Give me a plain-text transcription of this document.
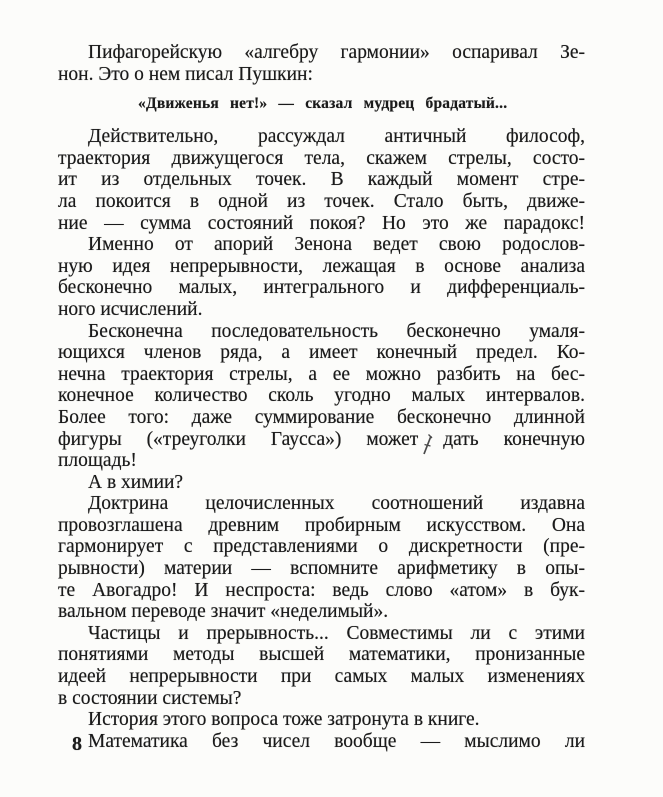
Пифагорейскую «алгебру гармонии» оспаривал Зе-
нон. Это о нем писал Пушкин:

«Движенья нет!» — сказал мудрец брадатый...

Действительно, рассуждал античный философ,
траектория движущегося тела, скажем стрелы, состо-
ит из отдельных точек. В каждый момент стре-
ла покоится в одной из точек. Стало быть, движе-
ние — сумма состояний покоя? Но это же парадокс!

Именно от апорий Зенона ведет свою родослов-
ную идея непрерывности, лежащая в основе анализа
бесконечно малых, интегрального и дифференциаль-
ного исчислений.

Бесконечна последовательность бесконечно умаля-
ющихся членов ряда, а имеет конечный предел. Ко-
нечна траектория стрелы, а ее можно разбить на бес-
конечное количество сколь угодно малых интервалов.
Более того: даже суммирование бесконечно длинной
фигуры («треуголки Гаусса») может дать конечную
площадь!

А в химии?

Доктрина целочисленных соотношений издавна
провозглашена древним пробирным искусством. Она
гармонирует с представлениями о дискретности (пре-
рывности) материи — вспомните арифметику в опы-
те Авогадро! И неспроста: ведь слово «атом» в бук-
вальном переводе значит «неделимый».

Частицы и прерывность... Совместимы ли с этими
понятиями методы высшей математики, пронизанные
идеей непрерывности при самых малых изменениях
в состоянии системы?

История этого вопроса тоже затронута в книге.

Математика без чисел вообще — мыслимо ли

8
